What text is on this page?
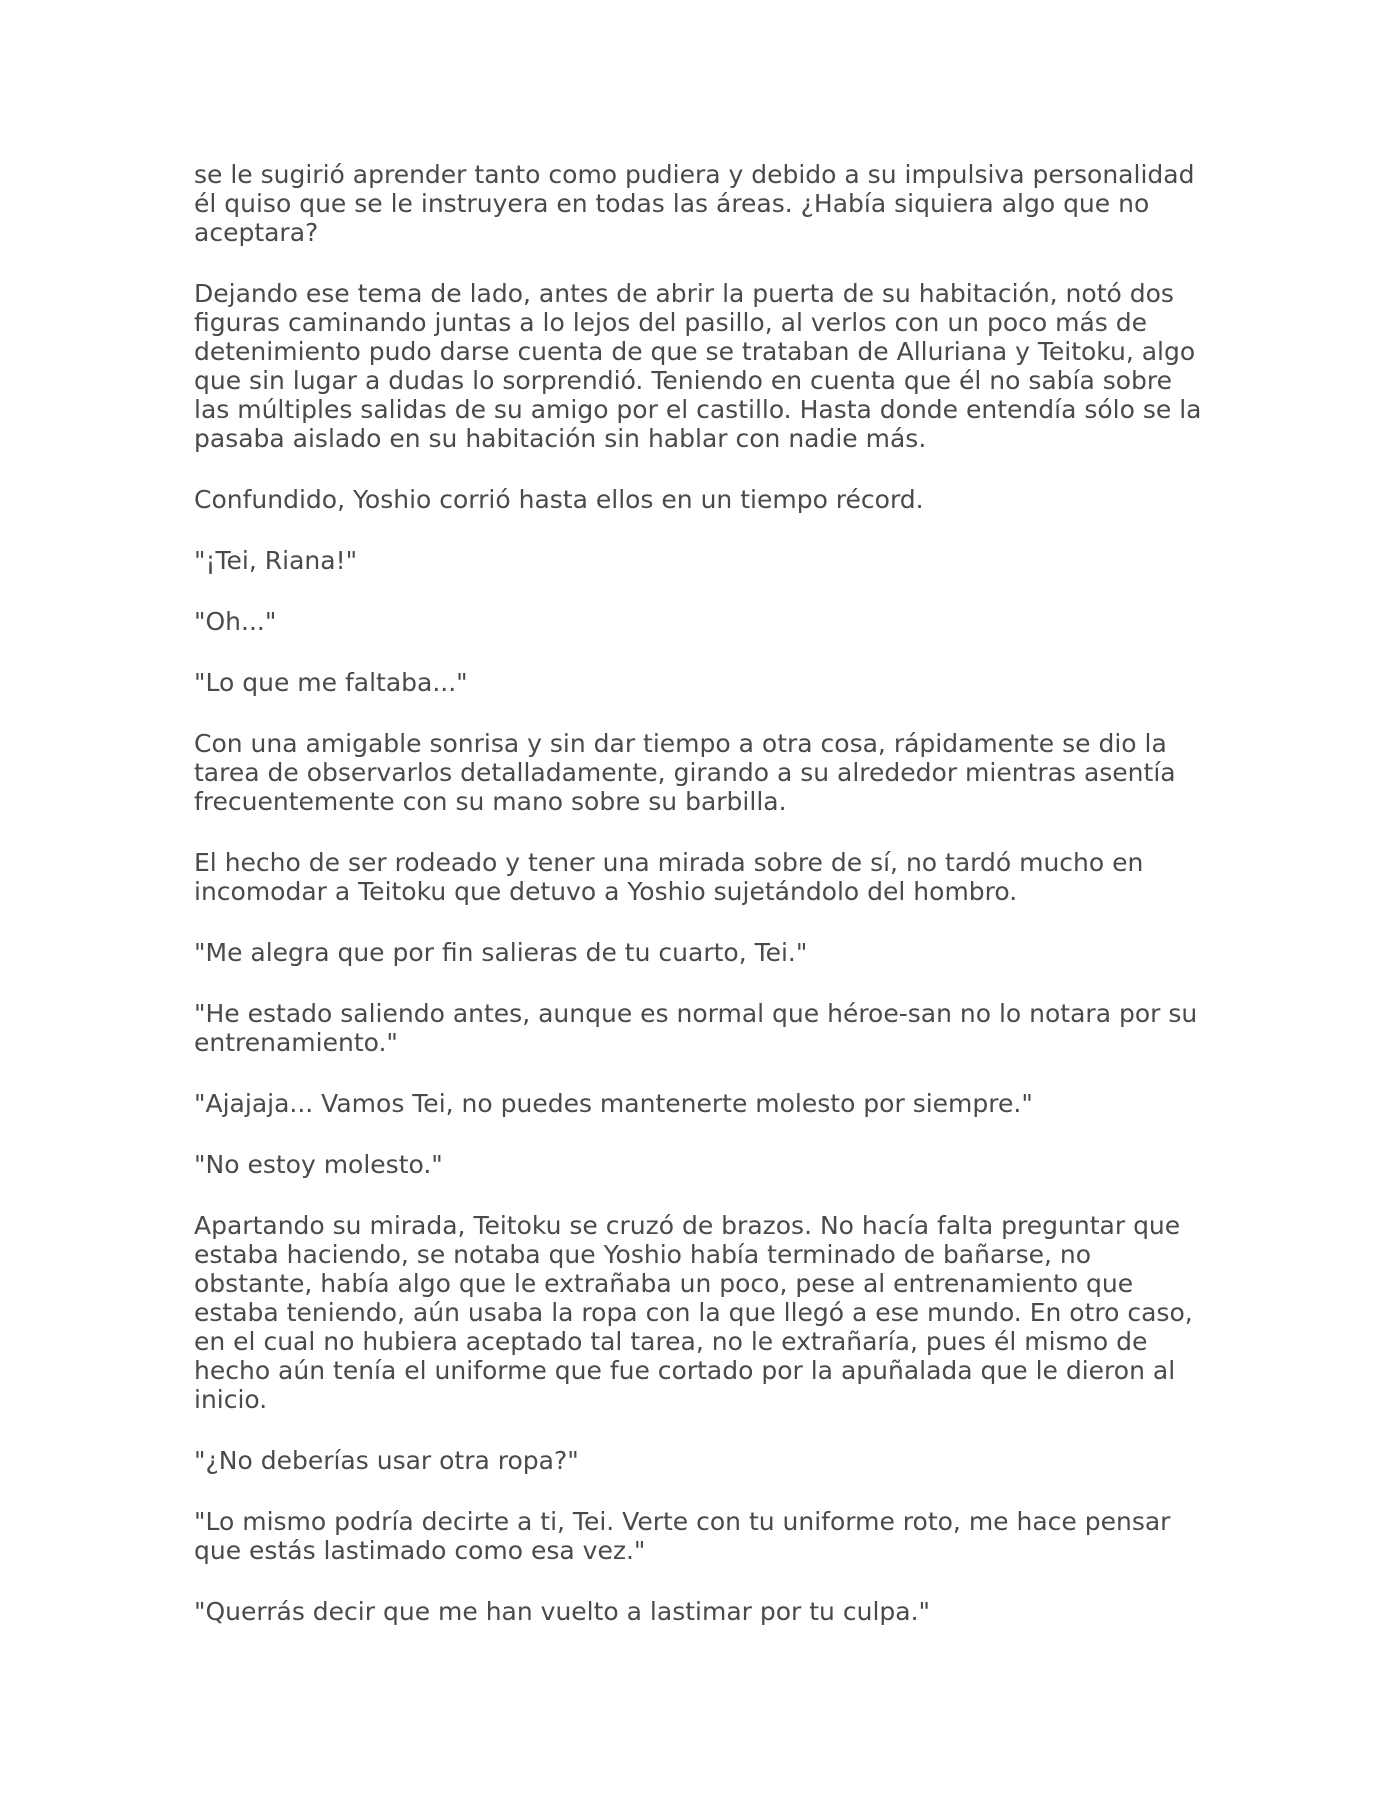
se le sugirió aprender tanto como pudiera y debido a su impulsiva personalidad él quiso que se le instruyera en todas las áreas. ¿Había siquiera algo que no aceptara?

Dejando ese tema de lado, antes de abrir la puerta de su habitación, notó dos figuras caminando juntas a lo lejos del pasillo, al verlos con un poco más de detenimiento pudo darse cuenta de que se trataban de Alluriana y Teitoku, algo que sin lugar a dudas lo sorprendió. Teniendo en cuenta que él no sabía sobre las múltiples salidas de su amigo por el castillo. Hasta donde entendía sólo se la pasaba aislado en su habitación sin hablar con nadie más.

Confundido, Yoshio corrió hasta ellos en un tiempo récord.

"¡Tei, Riana!"

"Oh..."

"Lo que me faltaba..."

Con una amigable sonrisa y sin dar tiempo a otra cosa, rápidamente se dio la tarea de observarlos detalladamente, girando a su alrededor mientras asentía frecuentemente con su mano sobre su barbilla.

El hecho de ser rodeado y tener una mirada sobre de sí, no tardó mucho en incomodar a Teitoku que detuvo a Yoshio sujetándolo del hombro.

"Me alegra que por fin salieras de tu cuarto, Tei."

"He estado saliendo antes, aunque es normal que héroe-san no lo notara por su entrenamiento."

"Ajajaja... Vamos Tei, no puedes mantenerte molesto por siempre."

"No estoy molesto."

Apartando su mirada, Teitoku se cruzó de brazos. No hacía falta preguntar que estaba haciendo, se notaba que Yoshio había terminado de bañarse, no obstante, había algo que le extrañaba un poco, pese al entrenamiento que estaba teniendo, aún usaba la ropa con la que llegó a ese mundo. En otro caso, en el cual no hubiera aceptado tal tarea, no le extrañaría, pues él mismo de hecho aún tenía el uniforme que fue cortado por la apuñalada que le dieron al inicio.

"¿No deberías usar otra ropa?"

"Lo mismo podría decirte a ti, Tei. Verte con tu uniforme roto, me hace pensar que estás lastimado como esa vez."

"Querrás decir que me han vuelto a lastimar por tu culpa."
